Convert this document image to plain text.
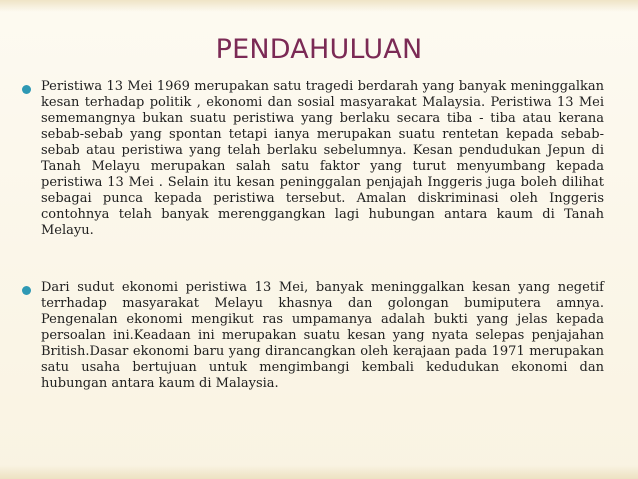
PENDAHULUAN

Peristiwa 13 Mei 1969 merupakan satu tragedi berdarah yang banyak meninggalkan kesan terhadap politik , ekonomi dan sosial masyarakat Malaysia. Peristiwa 13 Mei sememangnya bukan suatu peristiwa yang berlaku secara tiba - tiba atau kerana sebab-sebab yang spontan tetapi ianya merupakan suatu rentetan kepada sebab-sebab atau peristiwa yang telah berlaku sebelumnya. Kesan pendudukan Jepun di Tanah Melayu merupakan salah satu faktor yang turut menyumbang kepada peristiwa 13 Mei . Selain itu kesan peninggalan penjajah Inggeris juga boleh dilihat sebagai punca kepada peristiwa tersebut. Amalan diskriminasi oleh Inggeris contohnya telah banyak merenggangkan lagi hubungan antara kaum di Tanah Melayu.

Dari sudut ekonomi peristiwa 13 Mei, banyak meninggalkan kesan yang negetif terrhadap masyarakat Melayu khasnya dan golongan bumiputera amnya. Pengenalan ekonomi mengikut ras umpamanya adalah bukti yang jelas kepada persoalan ini.Keadaan ini merupakan suatu kesan yang nyata selepas penjajahan British.Dasar ekonomi baru yang dirancangkan oleh kerajaan pada 1971 merupakan satu usaha bertujuan untuk mengimbangi kembali kedudukan ekonomi dan hubungan antara kaum di Malaysia.
